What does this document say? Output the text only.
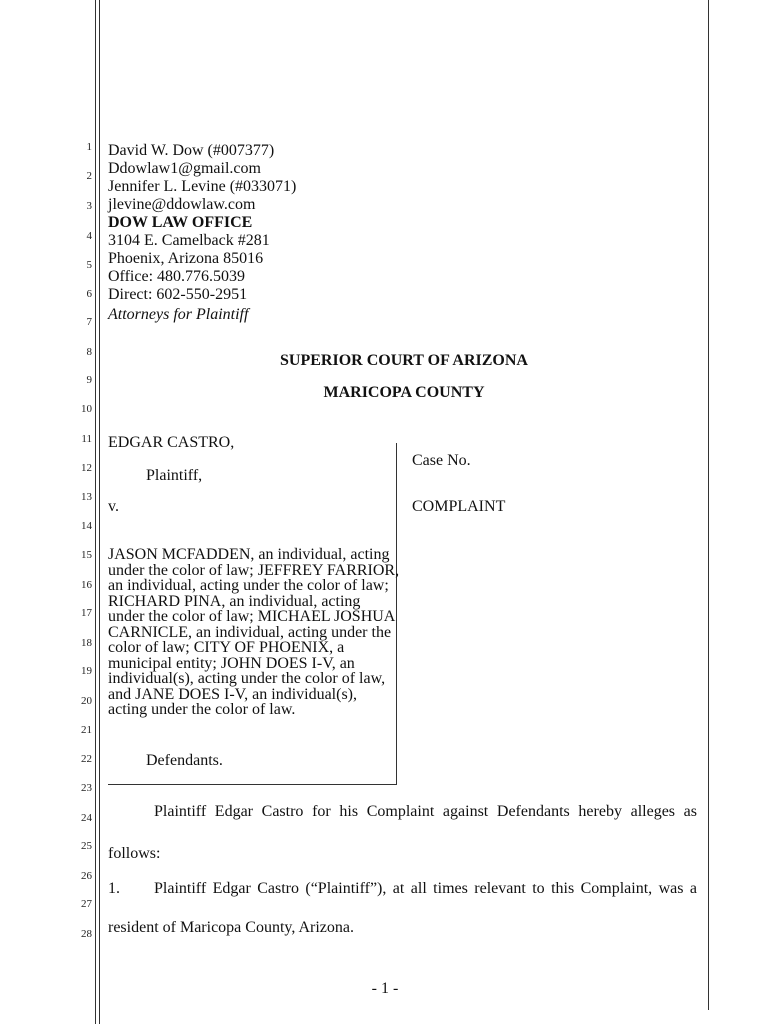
1
2
3
4
5
6
7
8
9
10
11
12
13
14
15
16
17
18
19
20
21
22
23
24
25
26
27
28
David W. Dow (#007377)
Ddowlaw1@gmail.com
Jennifer L. Levine (#033071)
jlevine@ddowlaw.com
DOW LAW OFFICE
3104 E. Camelback #281
Phoenix, Arizona 85016
Office: 480.776.5039
Direct: 602-550-2951
Attorneys for Plaintiff
SUPERIOR COURT OF ARIZONA
MARICOPA COUNTY
EDGAR CASTRO,
Plaintiff,
v.
JASON MCFADDEN, an individual, acting under the color of law; JEFFREY FARRIOR, an individual, acting under the color of law; RICHARD PINA, an individual, acting under the color of law; MICHAEL JOSHUA CARNICLE, an individual, acting under the color of law; CITY OF PHOENIX, a municipal entity; JOHN DOES I-V, an individual(s), acting under the color of law, and JANE DOES I-V, an individual(s), acting under the color of law.
Defendants.
Case No.
COMPLAINT
Plaintiff Edgar Castro for his Complaint against Defendants hereby alleges as
follows:
1. Plaintiff Edgar Castro (“Plaintiff”), at all times relevant to this Complaint, was a
resident of Maricopa County, Arizona.
- 1 -
